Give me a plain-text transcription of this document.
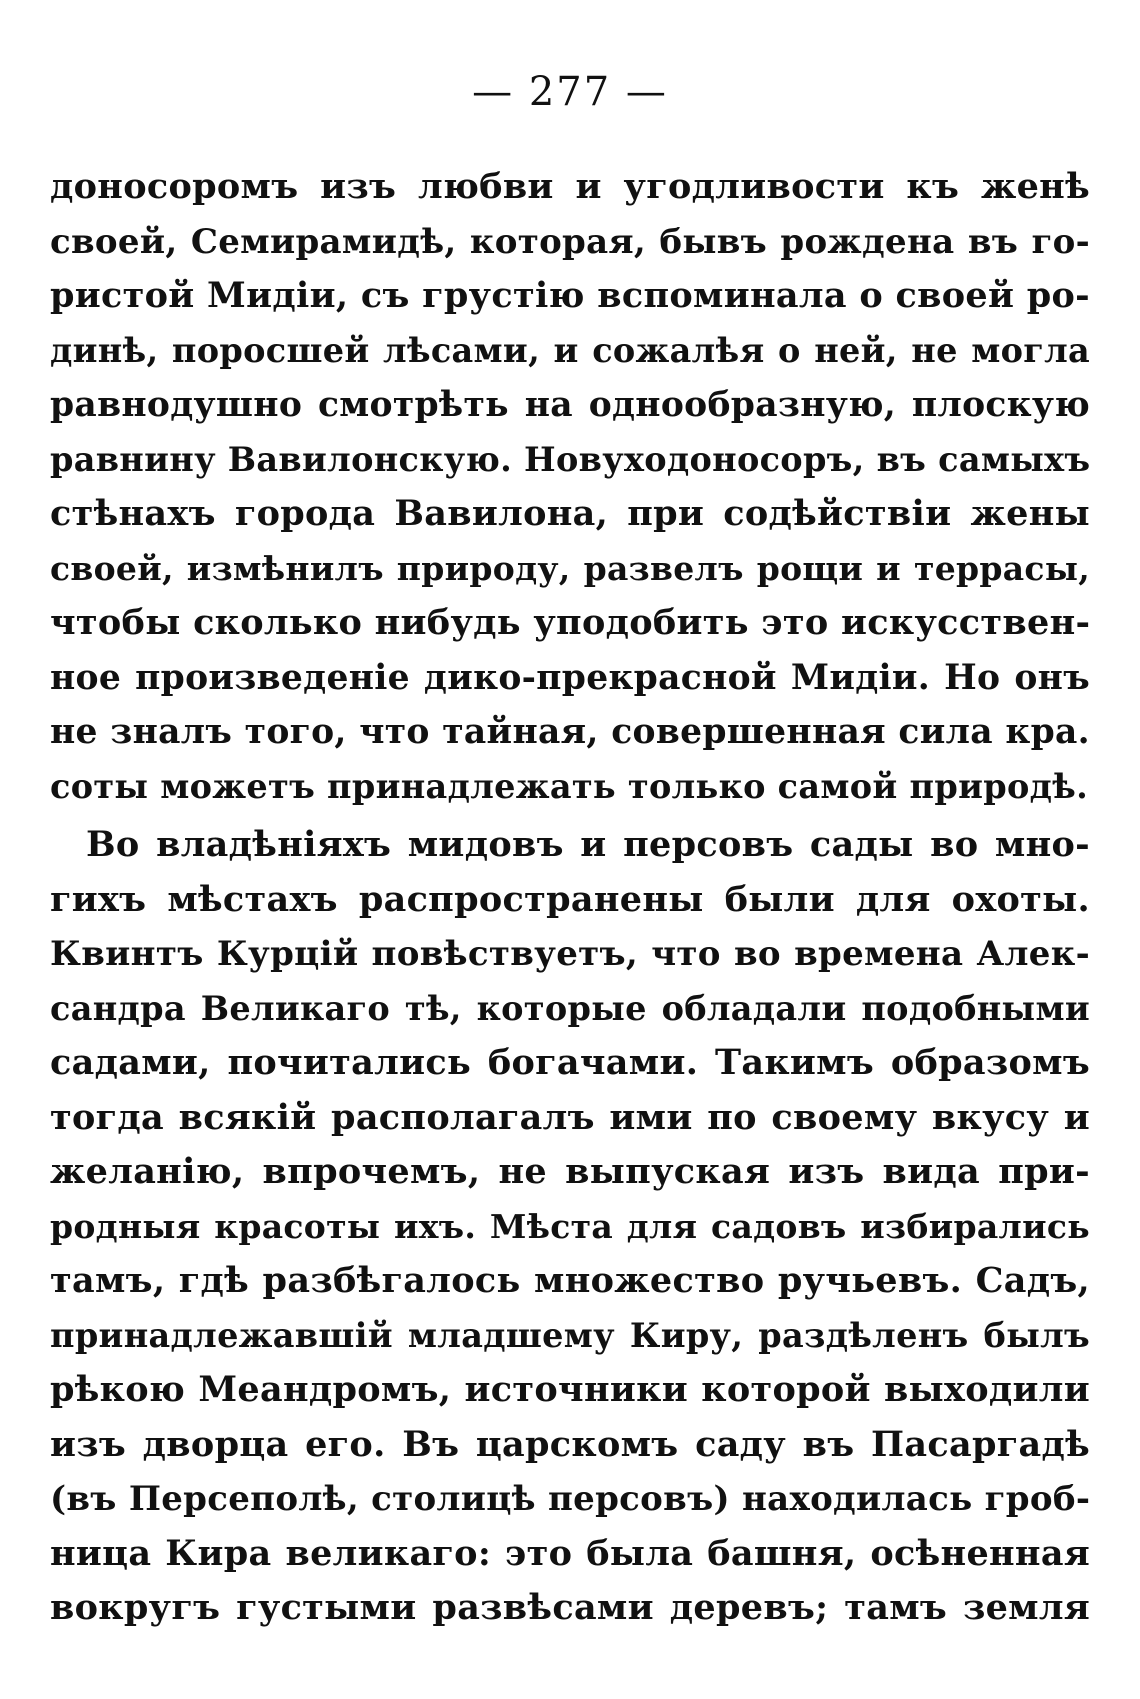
— 277 —
доносоромъ изъ любви и угодливости къ женѣ
своей, Семирамидѣ, которая, бывъ рождена въ го-
ристой Мидіи, съ грустію вспоминала о своей ро-
динѣ, поросшей лѣсами, и сожалѣя о ней, не могла
равнодушно смотрѣть на однообразную, плоскую
равнину Вавилонскую. Новуходоносоръ, въ самыхъ
стѣнахъ города Вавилона, при содѣйствіи жены
своей, измѣнилъ природу, развелъ рощи и террасы,
чтобы сколько нибудь уподобить это искусствен-
ное произведеніе дико-прекрасной Мидіи. Но онъ
не зналъ того, что тайная, совершенная сила кра.
соты можетъ принадлежать только самой природѣ.
Во владѣніяхъ мидовъ и персовъ сады во мно-
гихъ мѣстахъ распространены были для охоты.
Квинтъ Курцій повѣствуетъ, что во времена Алек-
сандра Великаго тѣ, которые обладали подобными
садами, почитались богачами. Такимъ образомъ
тогда всякій располагалъ ими по своему вкусу и
желанію, впрочемъ, не выпуская изъ вида при-
родныя красоты ихъ. Мѣста для садовъ избирались
тамъ, гдѣ разбѣгалось множество ручьевъ. Садъ,
принадлежавшій младшему Киру, раздѣленъ былъ
рѣкою Меандромъ, источники которой выходили
изъ дворца его. Въ царскомъ саду въ Пасаргадѣ
(въ Персеполѣ, столицѣ персовъ) находилась гроб-
ница Кира великаго: это была башня, осѣненная
вокругъ густыми развѣсами деревъ; тамъ земля
